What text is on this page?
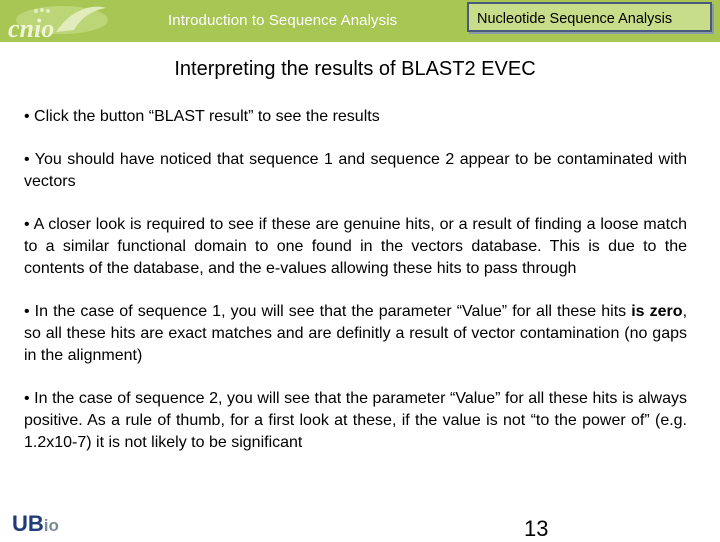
cnio	Introduction to Sequence Analysis	Nucleotide Sequence Analysis
Interpreting the results of BLAST2 EVEC

• Click the button “BLAST result” to see the results

• You should have noticed that sequence 1 and sequence 2 appear to be contaminated with vectors

• A closer look is required to see if these are genuine hits, or a result of finding a loose match to a similar functional domain to one found in the vectors database. This is due to the contents of the database, and the e-values allowing these hits to pass through

• In the case of sequence 1, you will see that the parameter “Value” for all these hits is zero, so all these hits are exact matches and are definitly a result of vector contamination (no gaps in the alignment)

• In the case of sequence 2, you will see that the parameter “Value” for all these hits is always positive. As a rule of thumb, for a first look at these, if the value is not “to the power of” (e.g. 1.2x10-7) it is not likely to be significant

UBio	13
